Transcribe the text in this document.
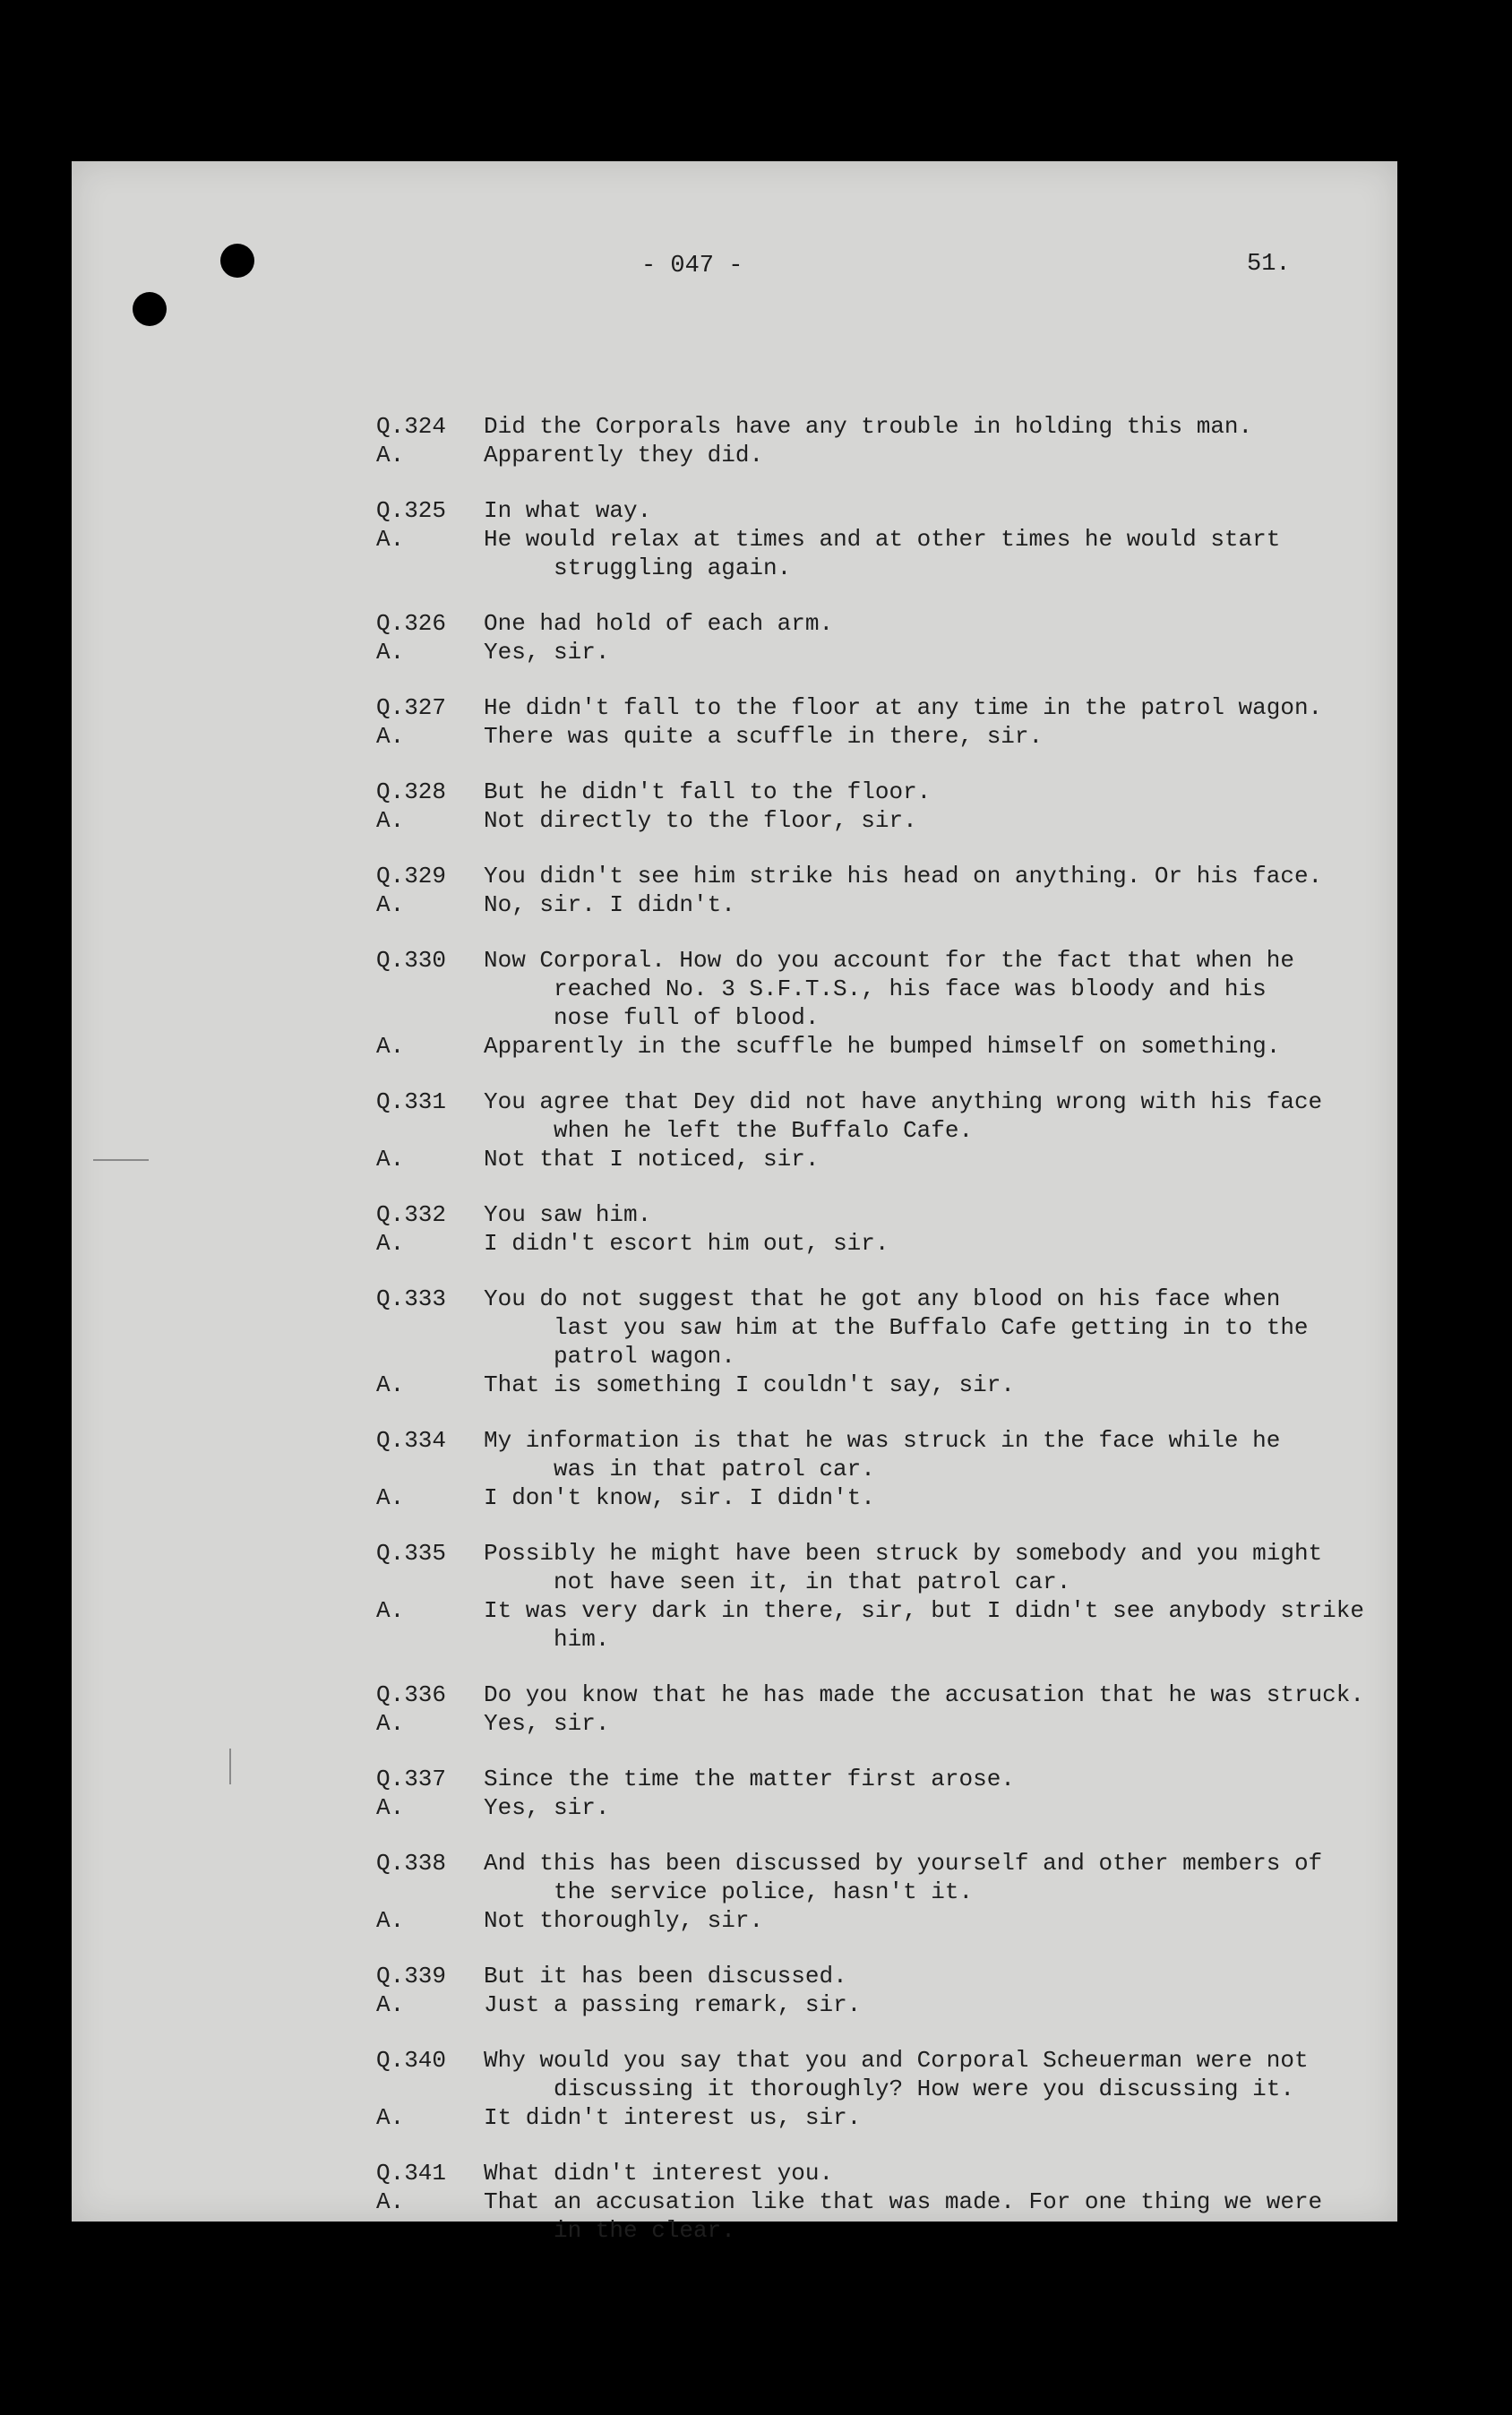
- 047 -	51.
Q.324	Did the Corporals have any trouble in holding this man.
A.	Apparently they did.
Q.325	In what way.
A.	He would relax at times and at other times he would start
struggling again.
Q.326	One had hold of each arm.
A.	Yes, sir.
Q.327	He didn't fall to the floor at any time in the patrol wagon.
A.	There was quite a scuffle in there, sir.
Q.328	But he didn't fall to the floor.
A.	Not directly to the floor, sir.
Q.329	You didn't see him strike his head on anything. Or his face.
A.	No, sir. I didn't.
Q.330	Now Corporal. How do you account for the fact that when he
reached No. 3 S.F.T.S., his face was bloody and his
nose full of blood.
A.	Apparently in the scuffle he bumped himself on something.
Q.331	You agree that Dey did not have anything wrong with his face
when he left the Buffalo Cafe.
A.	Not that I noticed, sir.
Q.332	You saw him.
A.	I didn't escort him out, sir.
Q.333	You do not suggest that he got any blood on his face when
last you saw him at the Buffalo Cafe getting in to the
patrol wagon.
A.	That is something I couldn't say, sir.
Q.334	My information is that he was struck in the face while he
was in that patrol car.
A.	I don't know, sir. I didn't.
Q.335	Possibly he might have been struck by somebody and you might
not have seen it, in that patrol car.
A.	It was very dark in there, sir, but I didn't see anybody strike
him.
Q.336	Do you know that he has made the accusation that he was struck.
A.	Yes, sir.
Q.337	Since the time the matter first arose.
A.	Yes, sir.
Q.338	And this has been discussed by yourself and other members of
the service police, hasn't it.
A.	Not thoroughly, sir.
Q.339	But it has been discussed.
A.	Just a passing remark, sir.
Q.340	Why would you say that you and Corporal Scheuerman were not
discussing it thoroughly? How were you discussing it.
A.	It didn't interest us, sir.
Q.341	What didn't interest you.
A.	That an accusation like that was made. For one thing we were
in the clear.
